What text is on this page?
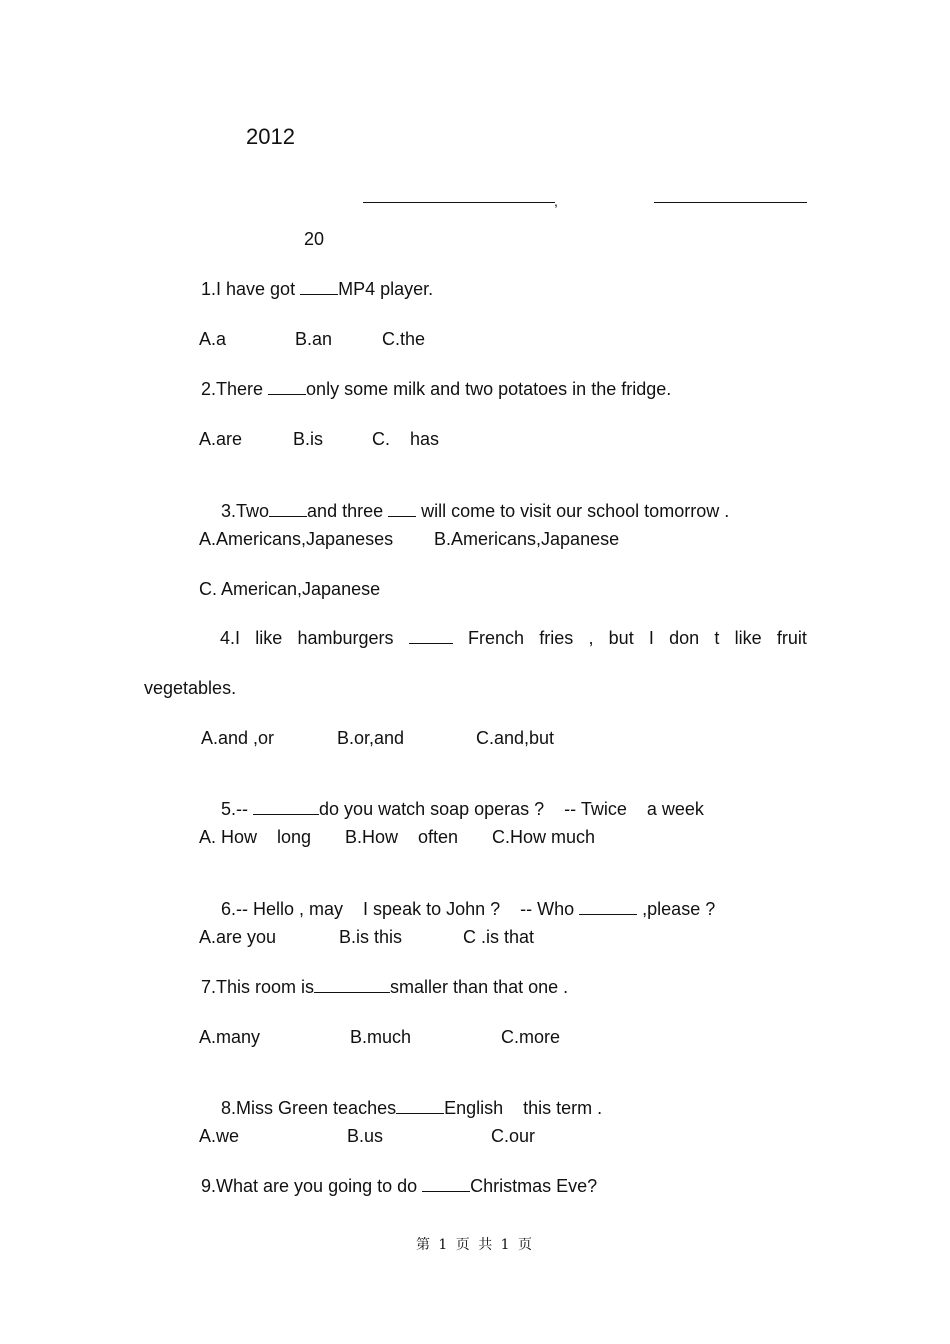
2012
,
20
1.I have got MP4 player.
A.a	B.an	C.the
2.There only some milk and two potatoes in the fridge.
A.are	B.is	C.    has

3.Two and three  will come to visit our school tomorrow .

A.Americans,Japaneses B.Americans,Japanese
C. American,Japanese
4.I like hamburgers	French fries , but I don t like fruit
vegetables.
A.and ,or	B.or,and	C.and,but

5.--	do you watch soap operas ?    -- Twice    a week

A. How    long B.How    often C.How much

6.-- Hello , may    I speak to John ?    -- Who	,please ?

A.are you	B.is this	C .is that
7.This room is	smaller than that one .
A.many	B.much	C.more

8.Miss Green teaches	English    this term .

A.we	B.us	C.our
9.What are you going to do	Christmas Eve?
第 1 页 共 1 页
